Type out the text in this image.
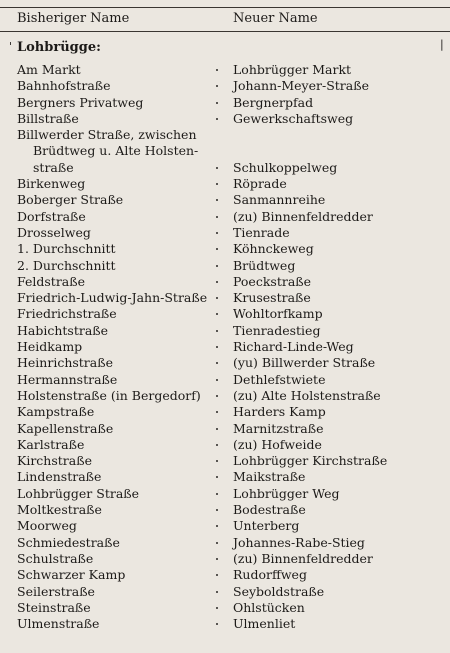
Bisheriger Name	Neuer Name
'	|
Lohbrügge:
Am Markt	Lohbrügger Markt
Bahnhofstraße	Johann-Meyer-Straße
Bergners Privatweg	Bergnerpfad
Billstraße	Gewerkschaftsweg
Billwerder Straße, zwischen
Brüdtweg u. Alte Holsten-
straße	Schulkoppelweg
Birkenweg	Röprade
Boberger Straße	Sanmannreihe
Dorfstraße	(zu) Binnenfeldredder
Drosselweg	Tienrade
1. Durchschnitt	Köhnckeweg
2. Durchschnitt	Brüdtweg
Feldstraße	Poeckstraße
Friedrich-Ludwig-Jahn-Straße	Krusestraße
Friedrichstraße	Wohltorfkamp
Habichtstraße	Tienradestieg
Heidkamp	Richard-Linde-Weg
Heinrichstraße	(yu) Billwerder Straße
Hermannstraße	Dethlefstwiete
Holstenstraße (in Bergedorf)	(zu) Alte Holstenstraße
Kampstraße	Harders Kamp
Kapellenstraße	Marnitzstraße
Karlstraße	(zu) Hofweide
Kirchstraße	Lohbrügger Kirchstraße
Lindenstraße	Maikstraße
Lohbrügger Straße	Lohbrügger Weg
Moltkestraße	Bodestraße
Moorweg	Unterberg
Schmiedestraße	Johannes-Rabe-Stieg
Schulstraße	(zu) Binnenfeldredder
Schwarzer Kamp	Rudorffweg
Seilerstraße	Seyboldstraße
Steinstraße	Ohlstücken
Ulmenstraße	Ulmenliet
